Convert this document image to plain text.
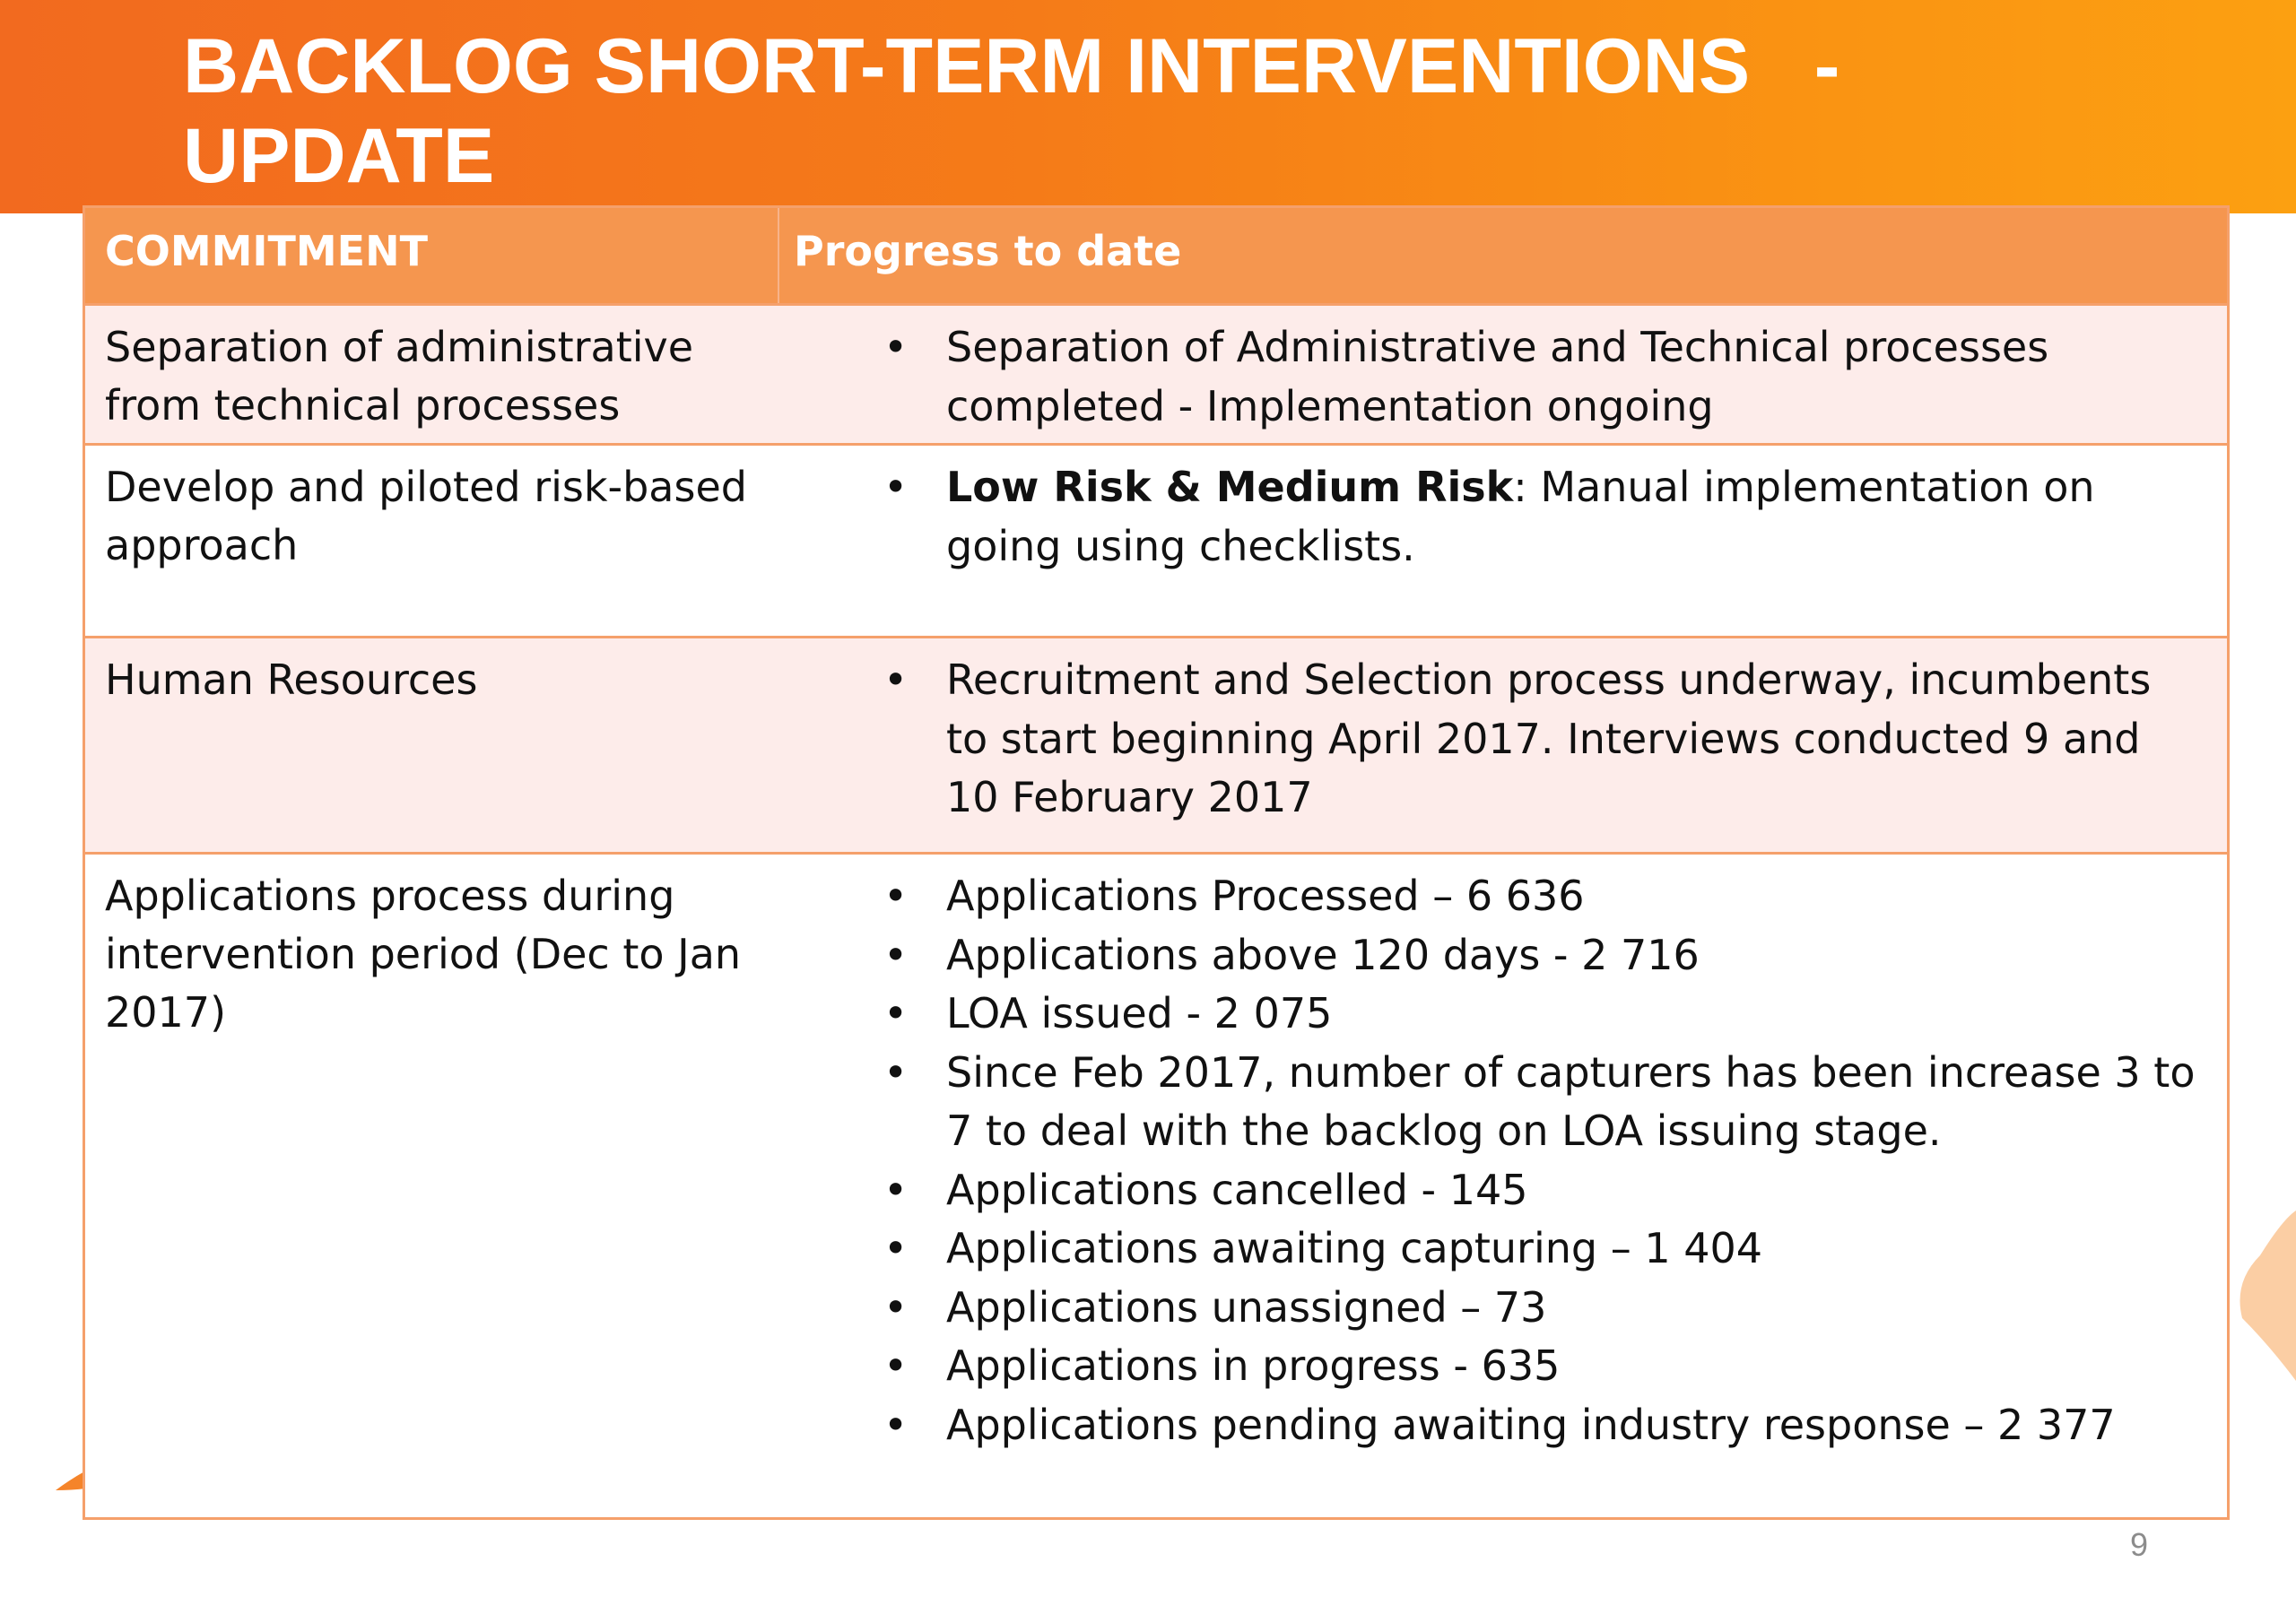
BACKLOG SHORT-TERM INTERVENTIONS   - UPDATE
COMMITMENT	Progress to date
Separation of administrative from technical processes
• Separation of Administrative and Technical processes completed - Implementation ongoing
Develop and piloted risk-based approach
• Low Risk & Medium Risk: Manual implementation on going using checklists.
Human Resources	• Recruitment and Selection process underway, incumbents to start beginning April 2017. Interviews conducted 9 and 10 February 2017
Applications process during intervention period (Dec to Jan 2017)
• Applications Processed – 6 636
• Applications above 120 days - 2 716
• LOA issued - 2 075
• Since Feb 2017, number of capturers has been increase 3 to 7 to deal with the backlog on LOA issuing stage.
• Applications cancelled - 145
• Applications awaiting capturing – 1 404
• Applications unassigned – 73
• Applications in progress - 635
• Applications pending awaiting industry response – 2 377
9
